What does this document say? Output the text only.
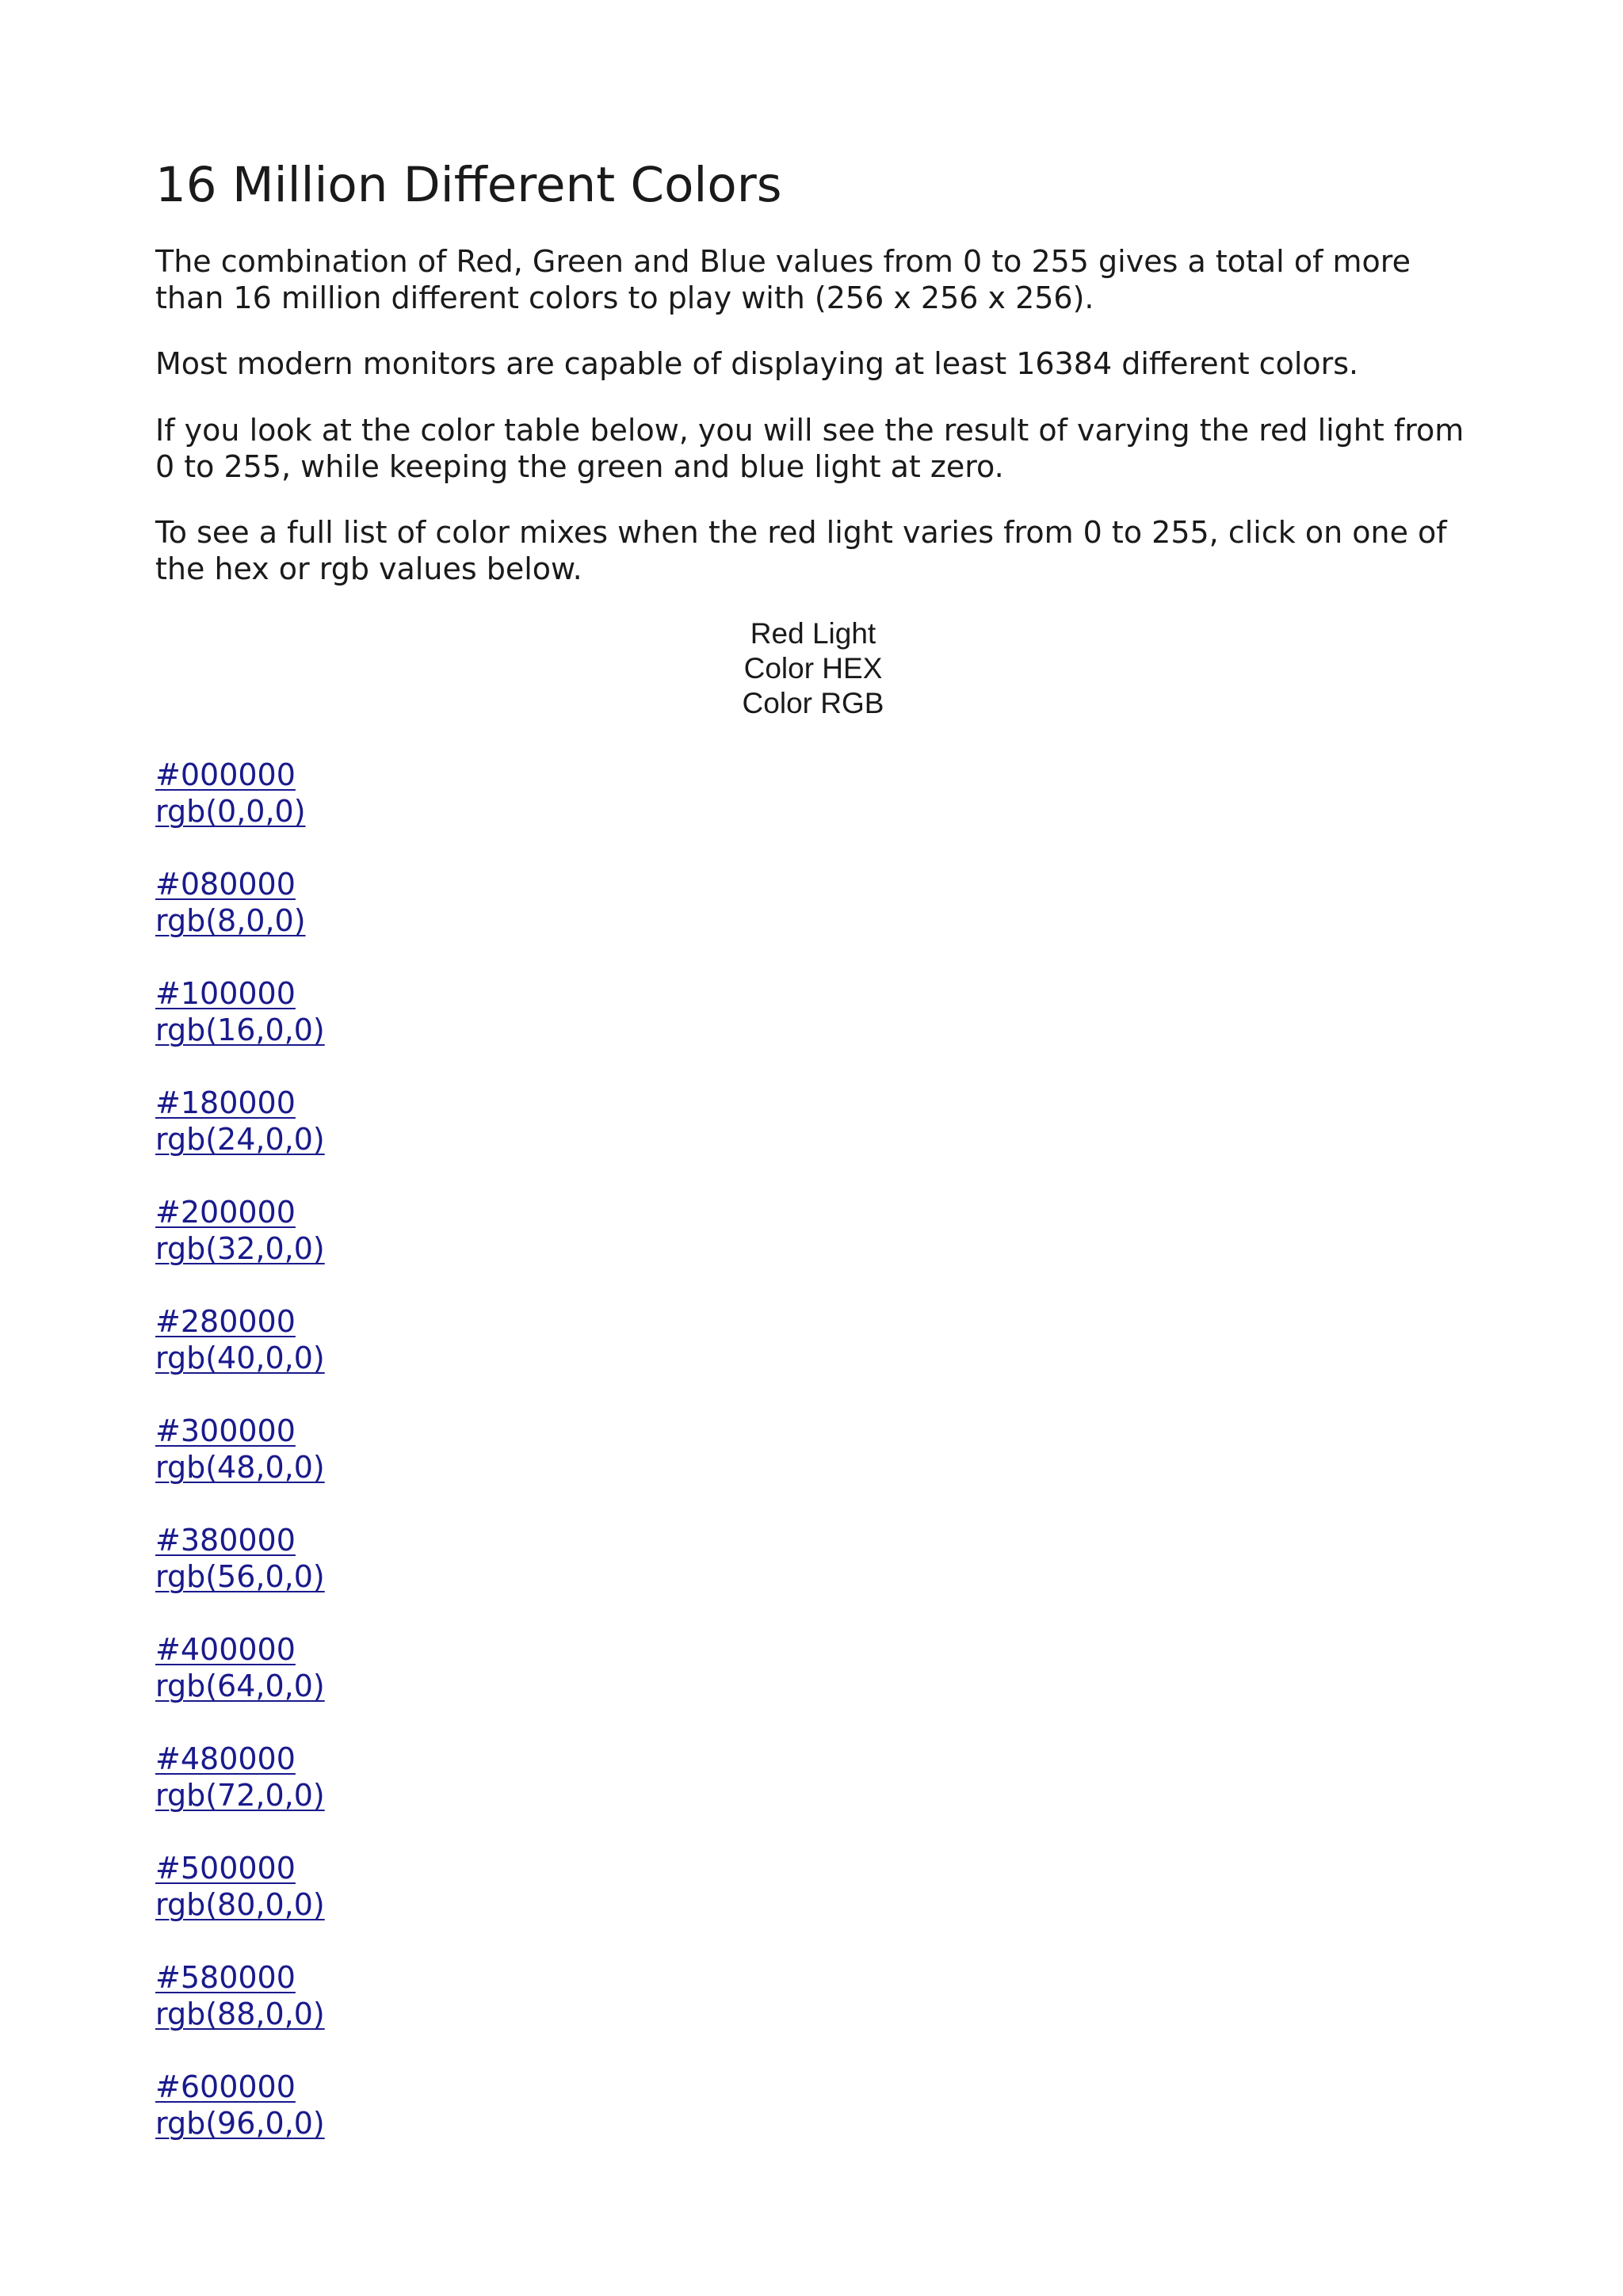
16 Million Different Colors

The combination of Red, Green and Blue values from 0 to 255 gives a total of more than 16 million different colors to play with (256 x 256 x 256).

Most modern monitors are capable of displaying at least 16384 different colors.

If you look at the color table below, you will see the result of varying the red light from 0 to 255, while keeping the green and blue light at zero.

To see a full list of color mixes when the red light varies from 0 to 255, click on one of the hex or rgb values below.

Red Light
Color HEX
Color RGB
#000000
rgb(0,0,0)
#080000
rgb(8,0,0)
#100000
rgb(16,0,0)
#180000
rgb(24,0,0)
#200000
rgb(32,0,0)
#280000
rgb(40,0,0)
#300000
rgb(48,0,0)
#380000
rgb(56,0,0)
#400000
rgb(64,0,0)
#480000
rgb(72,0,0)
#500000
rgb(80,0,0)
#580000
rgb(88,0,0)
#600000
rgb(96,0,0)
